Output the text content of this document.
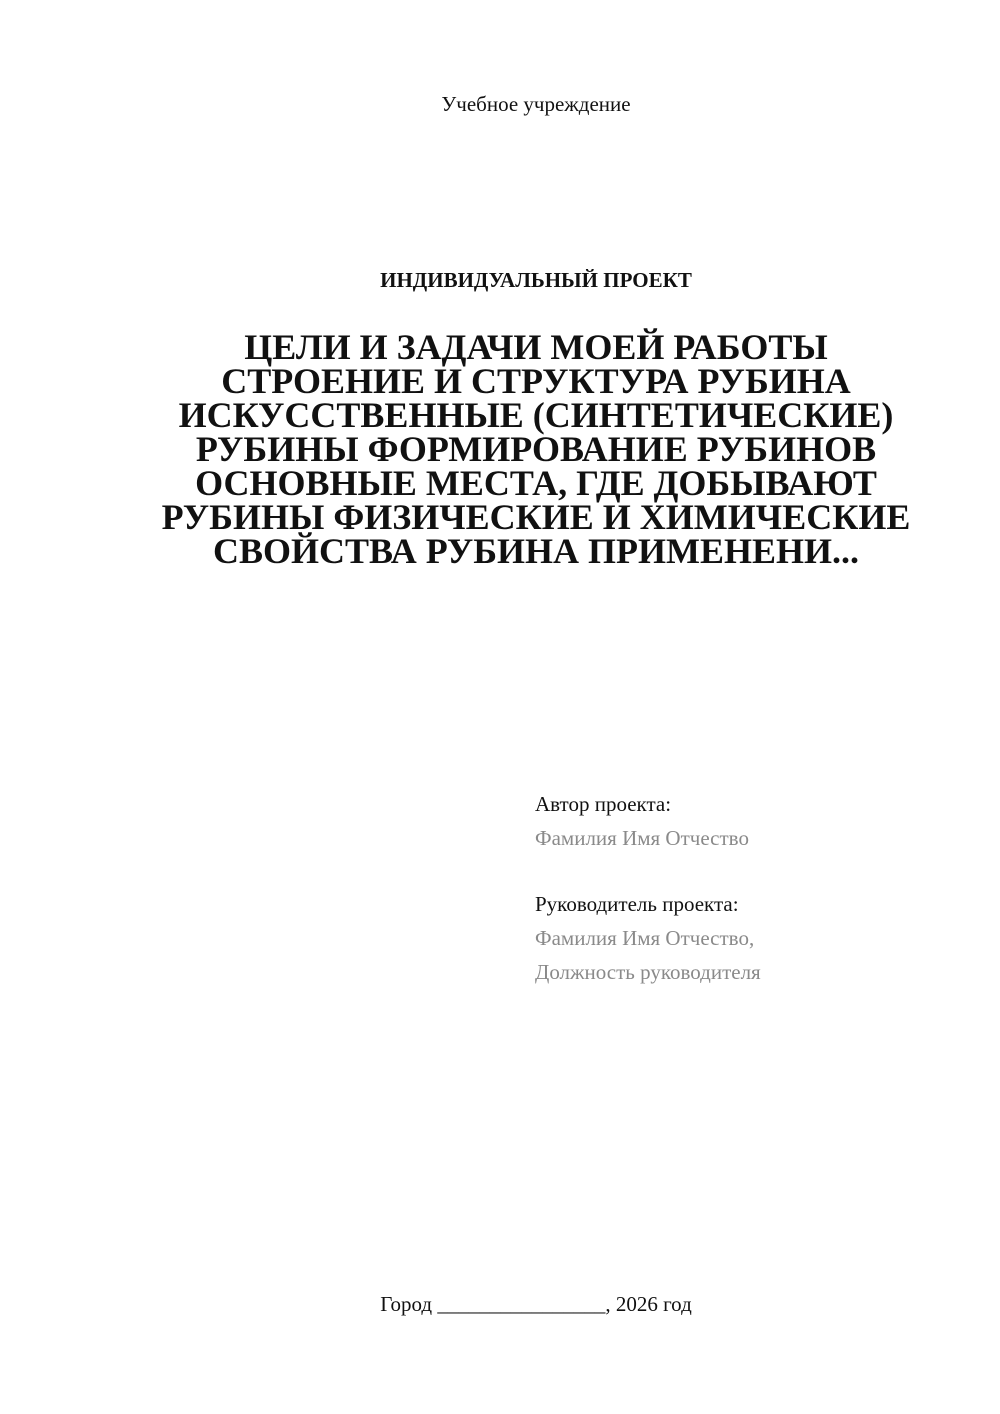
Учебное учреждение
ИНДИВИДУАЛЬНЫЙ ПРОЕКТ
ЦЕЛИ И ЗАДАЧИ МОЕЙ РАБОТЫ СТРОЕНИЕ И СТРУКТУРА РУБИНА ИСКУССТВЕННЫЕ (СИНТЕТИЧЕСКИЕ) РУБИНЫ ФОРМИРОВАНИЕ РУБИНОВ ОСНОВНЫЕ МЕСТА, ГДЕ ДОБЫВАЮТ РУБИНЫ ФИЗИЧЕСКИЕ И ХИМИЧЕСКИЕ СВОЙСТВА РУБИНА ПРИМЕНЕНИ...
Автор проекта:
Фамилия Имя Отчество
Руководитель проекта:
Фамилия Имя Отчество,
Должность руководителя
Город ________________, 2026 год
